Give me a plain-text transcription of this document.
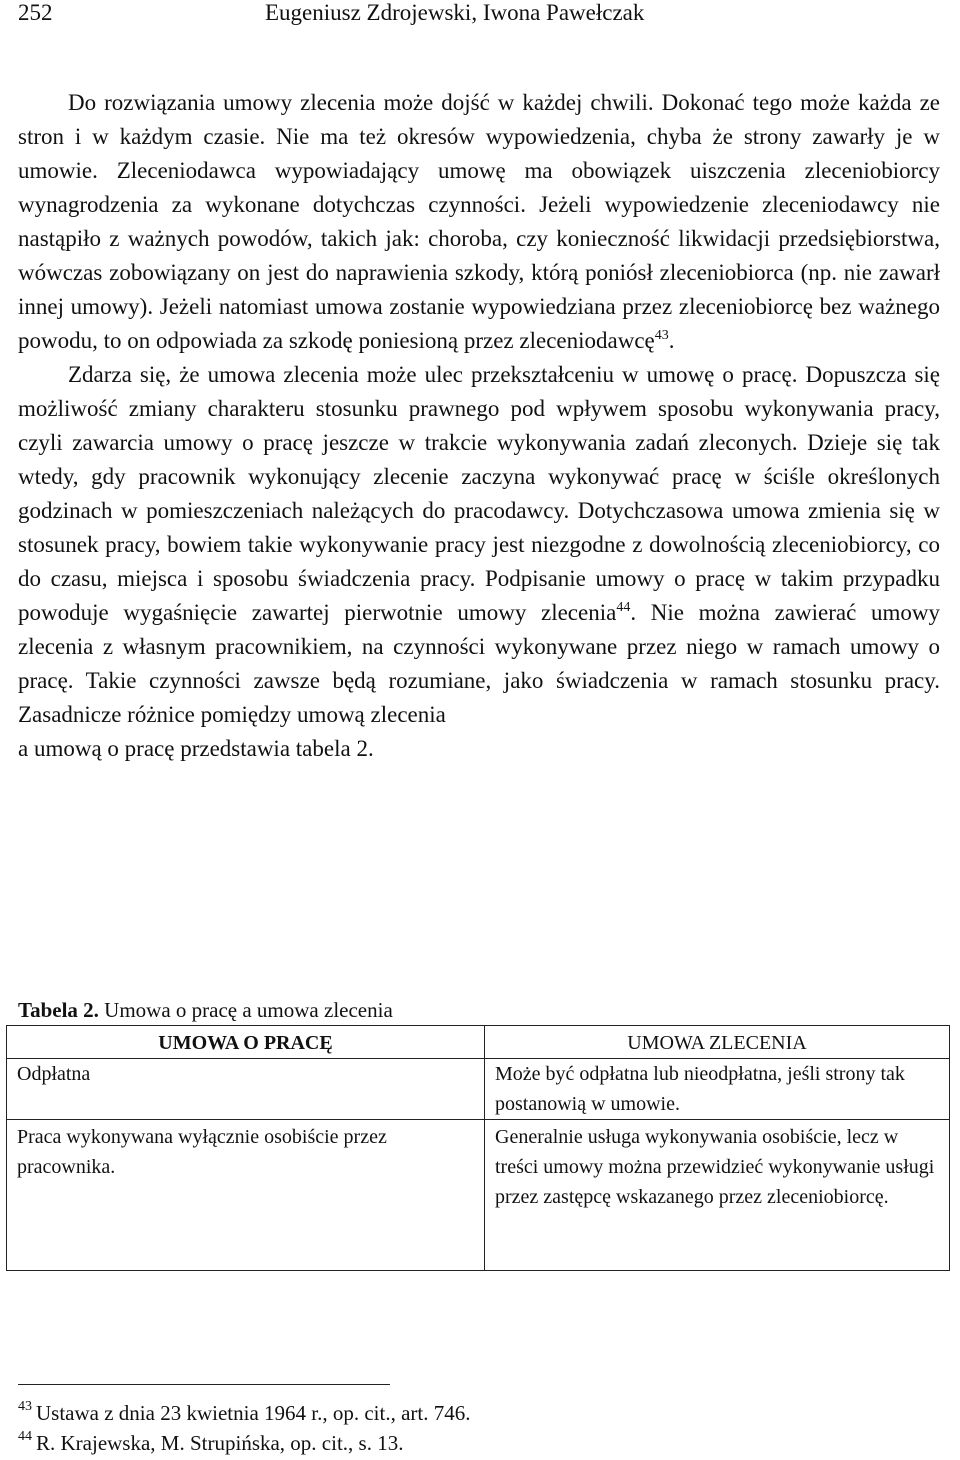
252	Eugeniusz Zdrojewski, Iwona Pawełczak

Do rozwiązania umowy zlecenia może dojść w każdej chwili. Dokonać tego może każda ze stron i w każdym czasie. Nie ma też okresów wypowiedzenia, chyba że strony zawarły je w umowie. Zleceniodawca wypowiadający umowę ma obowiązek uiszczenia zleceniobiorcy wynagrodzenia za wykonane dotychczas czynności. Jeżeli wypowiedzenie zleceniodawcy nie nastąpiło z ważnych powodów, takich jak: choroba, czy konieczność likwidacji przedsiębiorstwa, wówczas zobowiązany on jest do naprawienia szkody, którą poniósł zleceniobiorca (np. nie zawarł innej umowy). Jeżeli natomiast umowa zostanie wypowiedziana przez zleceniobiorcę bez ważnego powodu, to on odpowiada za szkodę poniesioną przez zleceniodawcę$^{43}$.

Zdarza się, że umowa zlecenia może ulec przekształceniu w umowę o pracę. Dopuszcza się możliwość zmiany charakteru stosunku prawnego pod wpływem sposobu wykonywania pracy, czyli zawarcia umowy o pracę jeszcze w trakcie wykonywania zadań zleconych. Dzieje się tak wtedy, gdy pracownik wykonujący zlecenie zaczyna wykonywać pracę w ściśle określonych godzinach w pomieszczeniach należących do pracodawcy. Dotychczasowa umowa zmienia się w stosunek pracy, bowiem takie wykonywanie pracy jest niezgodne z dowolnością zleceniobiorcy, co do czasu, miejsca i sposobu świadczenia pracy. Podpisanie umowy o pracę w takim przypadku powoduje wygaśnięcie zawartej pierwotnie umowy zlecenia$^{44}$. Nie można zawierać umowy zlecenia z własnym pracownikiem, na czynności wykonywane przez niego w ramach umowy o pracę. Takie czynności zawsze będą rozumiane, jako świadczenia w ramach stosunku pracy. Zasadnicze różnice pomiędzy umową zlecenia

a umową o pracę przedstawia tabela 2.

Tabela 2. Umowa o pracę a umowa zlecenia
UMOWA O PRACĘ	UMOWA ZLECENIA
Odpłatna	Może być odpłatna lub nieodpłatna, jeśli strony tak postanowią w umowie.
Praca wykonywana wyłącznie osobiście przez pracownika.	Generalnie usługa wykonywania osobiście, lecz w treści umowy można przewidzieć wykonywanie usługi przez zastępcę wskazanego przez zleceniobiorcę.
$^{43}$ Ustawa z dnia 23 kwietnia 1964 r., op. cit., art. 746.
$^{44}$ R. Krajewska, M. Strupińska, op. cit., s. 13.
